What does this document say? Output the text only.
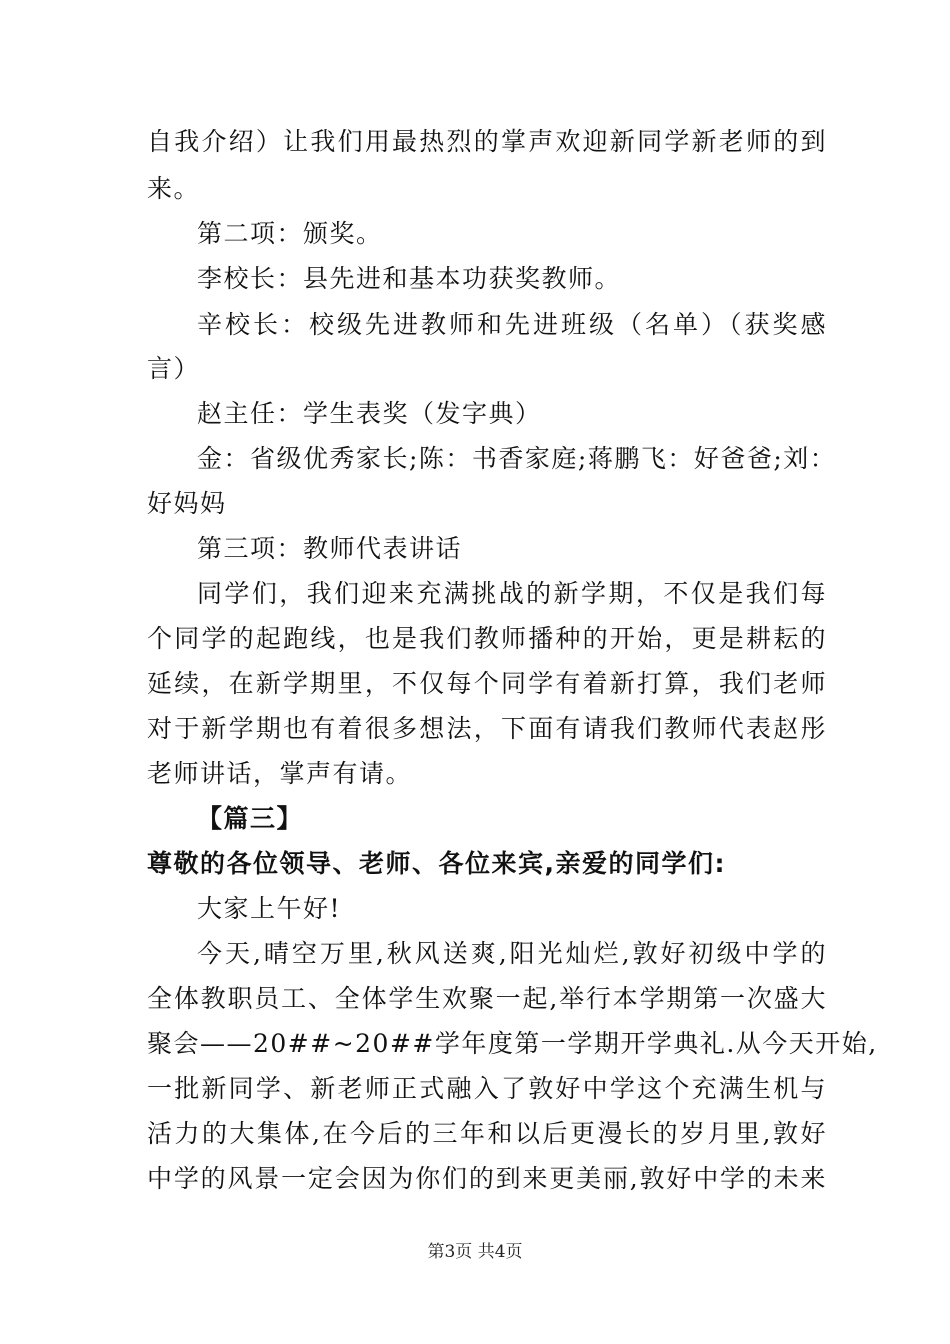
自我介绍）让我们用最热烈的掌声欢迎新同学新老师的到
来。
第二项：颁奖。
李校长：县先进和基本功获奖教师。
辛校长：校级先进教师和先进班级（名单）（获奖感
言）
赵主任：学生表奖（发字典）
金：省级优秀家长;陈：书香家庭;蒋鹏飞：好爸爸;刘：
好妈妈
第三项：教师代表讲话
同学们，我们迎来充满挑战的新学期，不仅是我们每
个同学的起跑线，也是我们教师播种的开始，更是耕耘的
延续，在新学期里，不仅每个同学有着新打算，我们老师
对于新学期也有着很多想法，下面有请我们教师代表赵彤
老师讲话，掌声有请。
【篇三】
尊敬的各位领导、老师、各位来宾,亲爱的同学们:
大家上午好!
今天,晴空万里,秋风送爽,阳光灿烂,敦好初级中学的
全体教职员工、全体学生欢聚一起,举行本学期第一次盛大
聚会——20##~20##学年度第一学期开学典礼.从今天开始,
一批新同学、新老师正式融入了敦好中学这个充满生机与
活力的大集体,在今后的三年和以后更漫长的岁月里,敦好
中学的风景一定会因为你们的到来更美丽,敦好中学的未来
第3页 共4页
